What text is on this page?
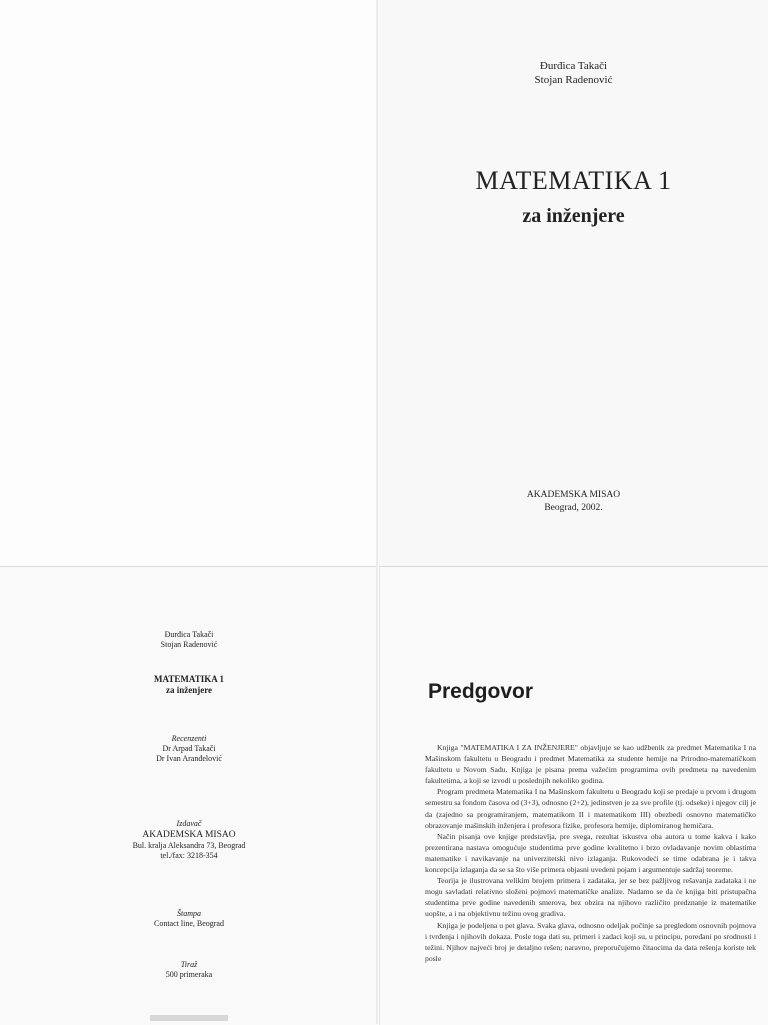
Đurđica Takači
Stojan Radenović
MATEMATIKA 1
za inženjere
AKADEMSKA MISAO
Beograd, 2002.
Đurđica Takači
Stojan Radenović
MATEMATIKA 1
za inženjere
Recenzenti
Dr Arpad Takači
Dr Ivan Aranđelović
Izdavač
AKADEMSKA MISAO
Bul. kralja Aleksandra 73, Beograd
tel./fax: 3218-354
Štampa
Contact line, Beograd
Tiraž
500 primeraka
Predgovor

Knjiga "MATEMATIKA I ZA INŽENJERE" objavljuje se kao udžbenik za predmet Matematika I na Mašinskom fakultetu u Beogradu i predmet Matematika za studente hemije na Prirodno-matematičkom fakultetu u Novom Sadu. Knjiga je pisana prema važećim programima ovih predmeta na navedenim fakultetima, a koji se izvodi u poslednjih nekoliko godina.

Program predmeta Matematika I na Mašinskom fakultetu u Beogradu koji se predaje u prvom i drugom semestru sa fondom časova od (3+3), odnosno (2+2), jedinstven je za sve profile (tj. odseke) i njegov cilj je da (zajedno sa programiranjem, matematikom II i matematikom III) obezbedi osnovno matematičko obrazovanje mašinskih inženjera i profesora fizike, profesora hemije, diplomiranog hemičara.

Način pisanja ove knjige predstavlja, pre svega, rezultat iskustva oba autora u tome kakva i kako prezentirana nastava omogućuje studentima prve godine kvalitetno i brzo ovladavanje novim oblastima matematike i navikavanje na univerzitetski nivo izlaganja. Rukovodeći se time odabrana je i takva koncepcija izlaganja da se sa što više primera objasni uvedeni pojam i argumentuje sadržaj teoreme.

Teorija je ilustrovana velikim brojem primera i zadataka, jer se bez pažljivog rešavanja zadataka i ne mogu savladati relativno složeni pojmovi matematičke analize. Nadamo se da će knjiga biti pristupačna studentima prve godine navedenih smerova, bez obzira na njihovo različito predznanje iz matematike uopšte, a i na objektivnu težinu ovog gradiva.

Knjiga je podeljena u pet glava. Svaka glava, odnosno odeljak počinje sa pregledom osnovnih pojmova i tvrđenja i njihovih dokaza. Posle toga dati su, primeri i zadaci koji su, u principu, poređani po srodnosti i težini. Njihov najveći broj je detaljno rešen; naravno, preporučujemo čitaocima da data rešenja koriste tek posle
